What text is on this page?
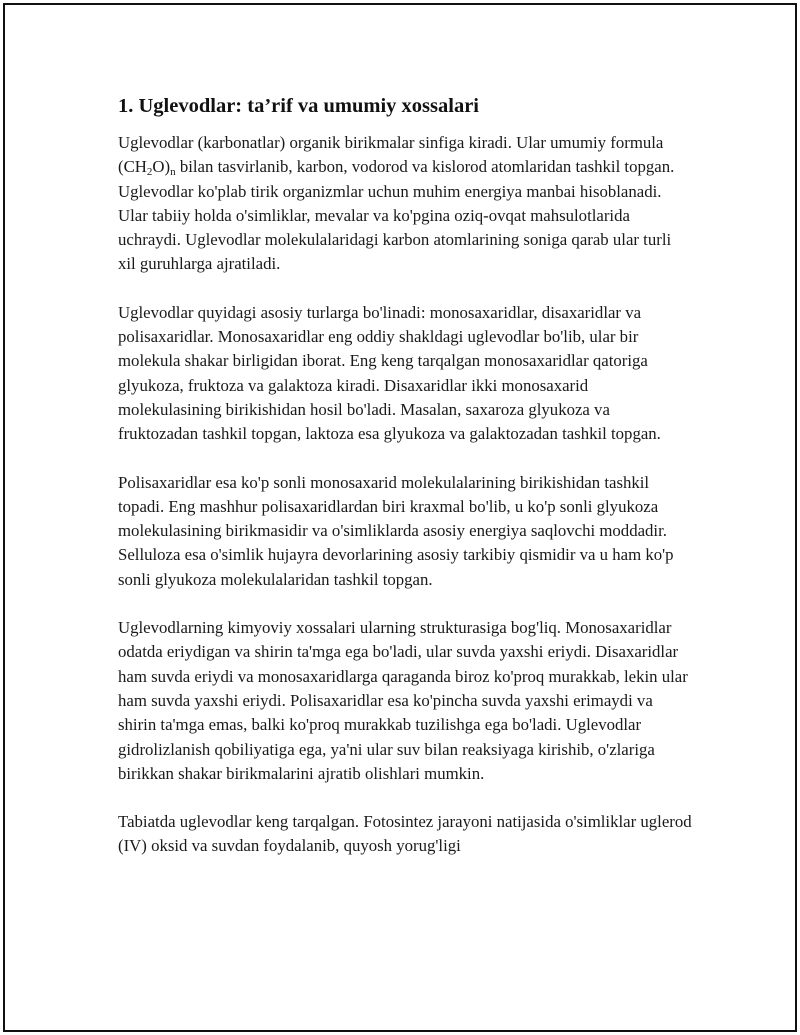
1. Uglevodlar: ta’rif va umumiy xossalari

Uglevodlar (karbonatlar) organik birikmalar sinfiga kiradi. Ular umumiy formula $(CH_2O)_n$ bilan tasvirlanib, karbon, vodorod va kislorod atomlaridan tashkil topgan. Uglevodlar ko'plab tirik organizmlar uchun muhim energiya manbai hisoblanadi. Ular tabiiy holda o'simliklar, mevalar va ko'pgina oziq-ovqat mahsulotlarida uchraydi. Uglevodlar molekulalaridagi karbon atomlarining soniga qarab ular turli xil guruhlarga ajratiladi.

Uglevodlar quyidagi asosiy turlarga bo'linadi: monosaxaridlar, disaxaridlar va polisaxaridlar. Monosaxaridlar eng oddiy shakldagi uglevodlar bo'lib, ular bir molekula shakar birligidan iborat. Eng keng tarqalgan monosaxaridlar qatoriga glyukoza, fruktoza va galaktoza kiradi. Disaxaridlar ikki monosaxarid molekulasining birikishidan hosil bo'ladi. Masalan, saxaroza glyukoza va fruktozadan tashkil topgan, laktoza esa glyukoza va galaktozadan tashkil topgan.

Polisaxaridlar esa ko'p sonli monosaxarid molekulalarining birikishidan tashkil topadi. Eng mashhur polisaxaridlardan biri kraxmal bo'lib, u ko'p sonli glyukoza molekulasining birikmasidir va o'simliklarda asosiy energiya saqlovchi moddadir. Selluloza esa o'simlik hujayra devorlarining asosiy tarkibiy qismidir va u ham ko'p sonli glyukoza molekulalaridan tashkil topgan.

Uglevodlarning kimyoviy xossalari ularning strukturasiga bog'liq. Monosaxaridlar odatda eriydigan va shirin ta'mga ega bo'ladi, ular suvda yaxshi eriydi. Disaxaridlar ham suvda eriydi va monosaxaridlarga qaraganda biroz ko'proq murakkab, lekin ular ham suvda yaxshi eriydi. Polisaxaridlar esa ko'pincha suvda yaxshi erimaydi va shirin ta'mga emas, balki ko'proq murakkab tuzilishga ega bo'ladi. Uglevodlar gidrolizlanish qobiliyatiga ega, ya'ni ular suv bilan reaksiyaga kirishib, o'zlariga birikkan shakar birikmalarini ajratib olishlari mumkin.

Tabiatda uglevodlar keng tarqalgan. Fotosintez jarayoni natijasida o'simliklar uglerod (IV) oksid va suvdan foydalanib, quyosh yorug'ligi
